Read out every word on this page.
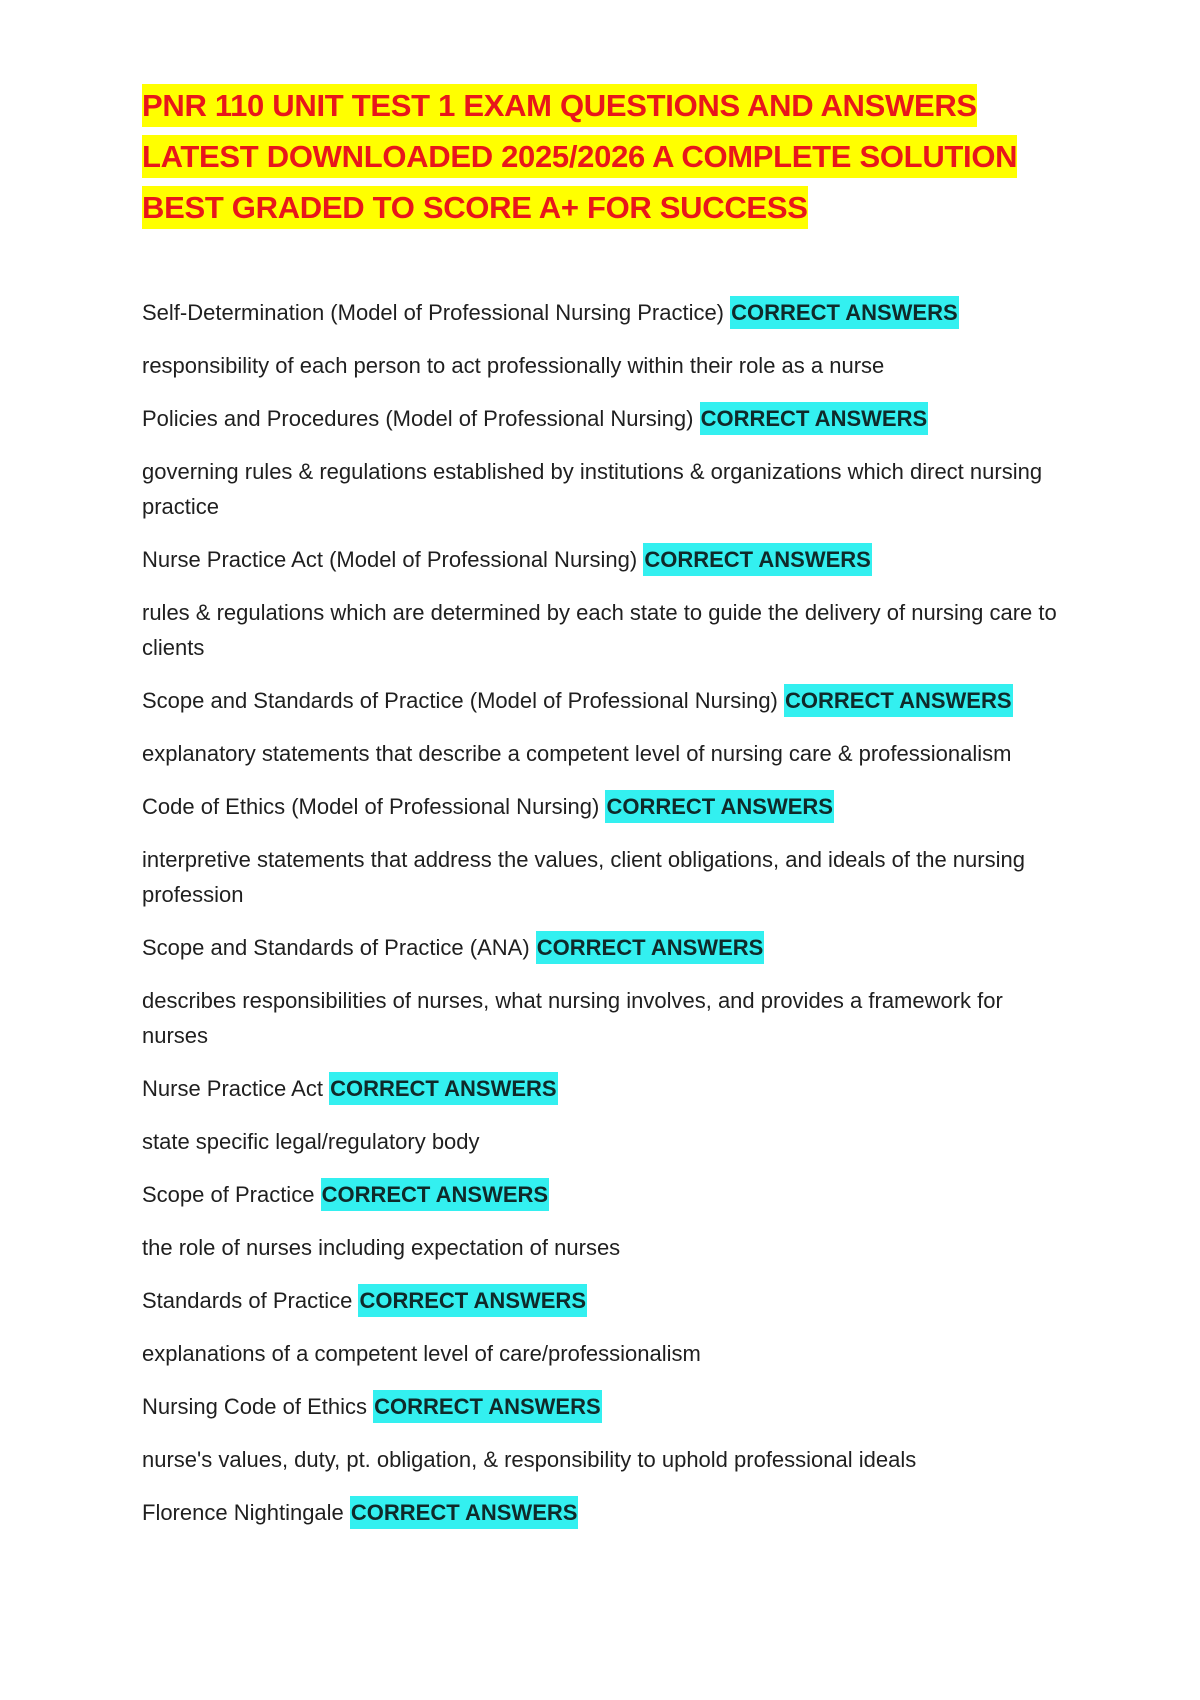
PNR 110 UNIT TEST 1 EXAM QUESTIONS AND ANSWERS
LATEST DOWNLOADED 2025/2026 A COMPLETE SOLUTION
BEST GRADED TO SCORE A+ FOR SUCCESS

Self-Determination (Model of Professional Nursing Practice) CORRECT ANSWERS

responsibility of each person to act professionally within their role as a nurse

Policies and Procedures (Model of Professional Nursing) CORRECT ANSWERS

governing rules & regulations established by institutions & organizations which direct nursing practice

Nurse Practice Act (Model of Professional Nursing) CORRECT ANSWERS

rules & regulations which are determined by each state to guide the delivery of nursing care to clients

Scope and Standards of Practice (Model of Professional Nursing) CORRECT ANSWERS

explanatory statements that describe a competent level of nursing care & professionalism

Code of Ethics (Model of Professional Nursing) CORRECT ANSWERS

interpretive statements that address the values, client obligations, and ideals of the nursing profession

Scope and Standards of Practice (ANA) CORRECT ANSWERS

describes responsibilities of nurses, what nursing involves, and provides a framework for nurses

Nurse Practice Act CORRECT ANSWERS

state specific legal/regulatory body

Scope of Practice CORRECT ANSWERS

the role of nurses including expectation of nurses

Standards of Practice CORRECT ANSWERS

explanations of a competent level of care/professionalism

Nursing Code of Ethics CORRECT ANSWERS

nurse's values, duty, pt. obligation, & responsibility to uphold professional ideals

Florence Nightingale CORRECT ANSWERS
